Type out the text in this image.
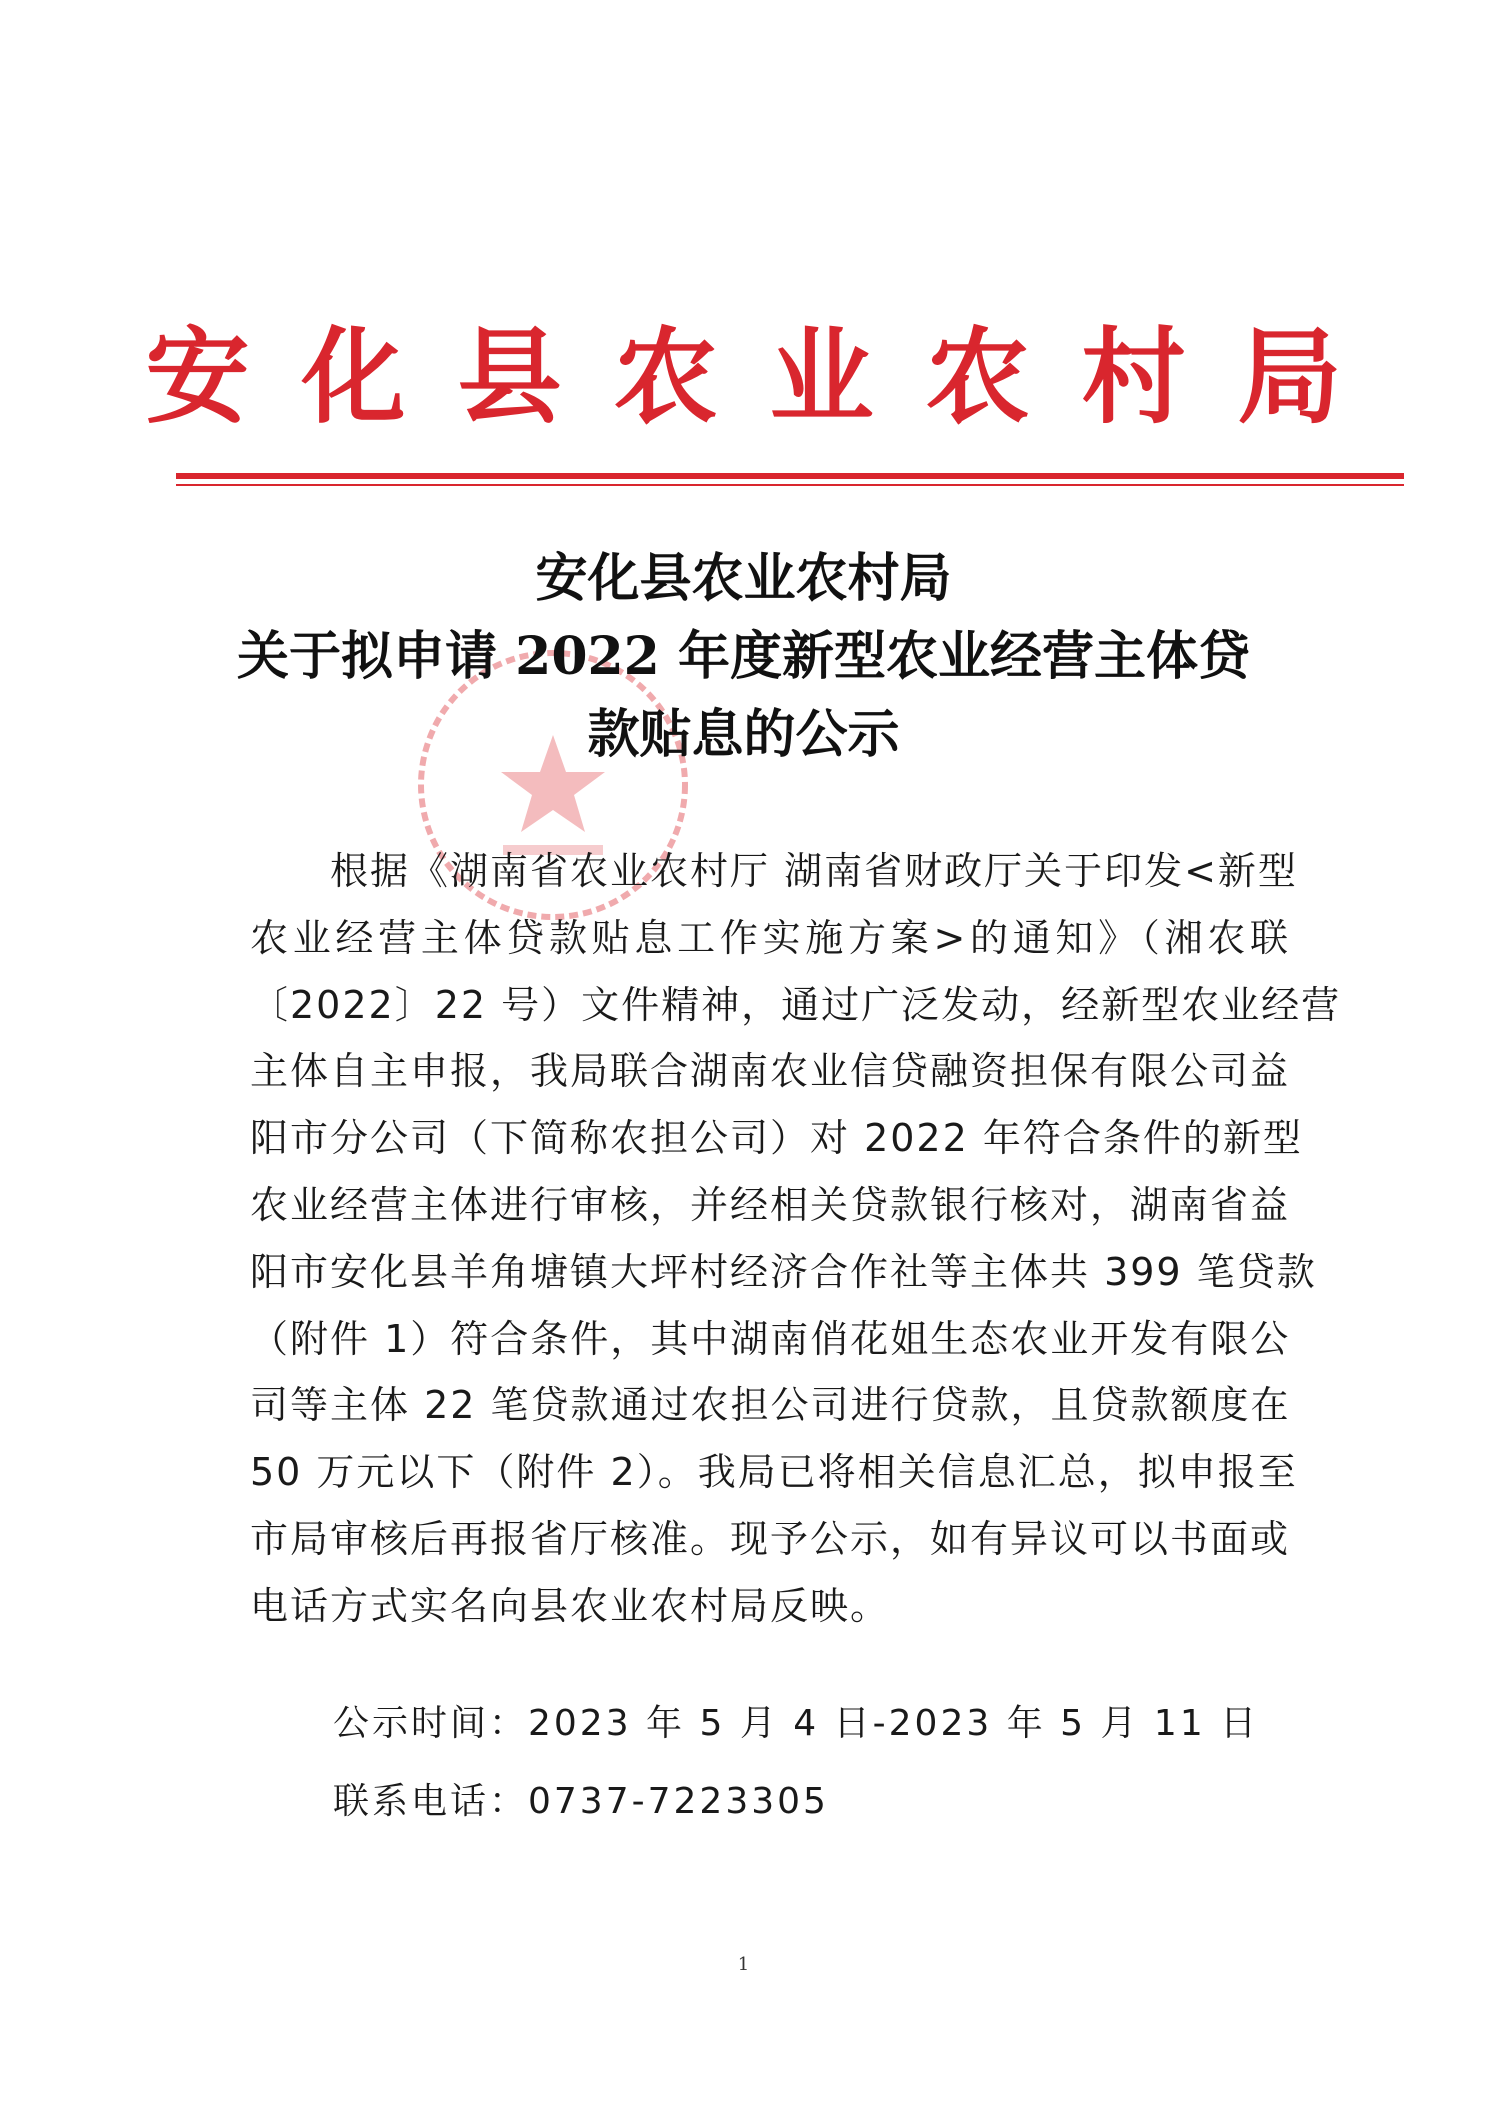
安化县农业农村局
安化县农业农村局
关于拟申请 2022 年度新型农业经营主体贷
款贴息的公示
　　根据《湖南省农业农村厅 湖南省财政厅关于印发<新型
农业经营主体贷款贴息工作实施方案>的通知》（湘农联
〔2022〕22 号）文件精神，通过广泛发动，经新型农业经营
主体自主申报，我局联合湖南农业信贷融资担保有限公司益
阳市分公司（下简称农担公司）对 2022 年符合条件的新型
农业经营主体进行审核，并经相关贷款银行核对，湖南省益
阳市安化县羊角塘镇大坪村经济合作社等主体共 399 笔贷款
（附件 1）符合条件，其中湖南俏花姐生态农业开发有限公
司等主体 22 笔贷款通过农担公司进行贷款，且贷款额度在
50 万元以下（附件 2）。我局已将相关信息汇总，拟申报至
市局审核后再报省厅核准。现予公示，如有异议可以书面或
电话方式实名向县农业农村局反映。
公示时间：2023 年 5 月 4 日-2023 年 5 月 11 日
联系电话：0737-7223305
1
